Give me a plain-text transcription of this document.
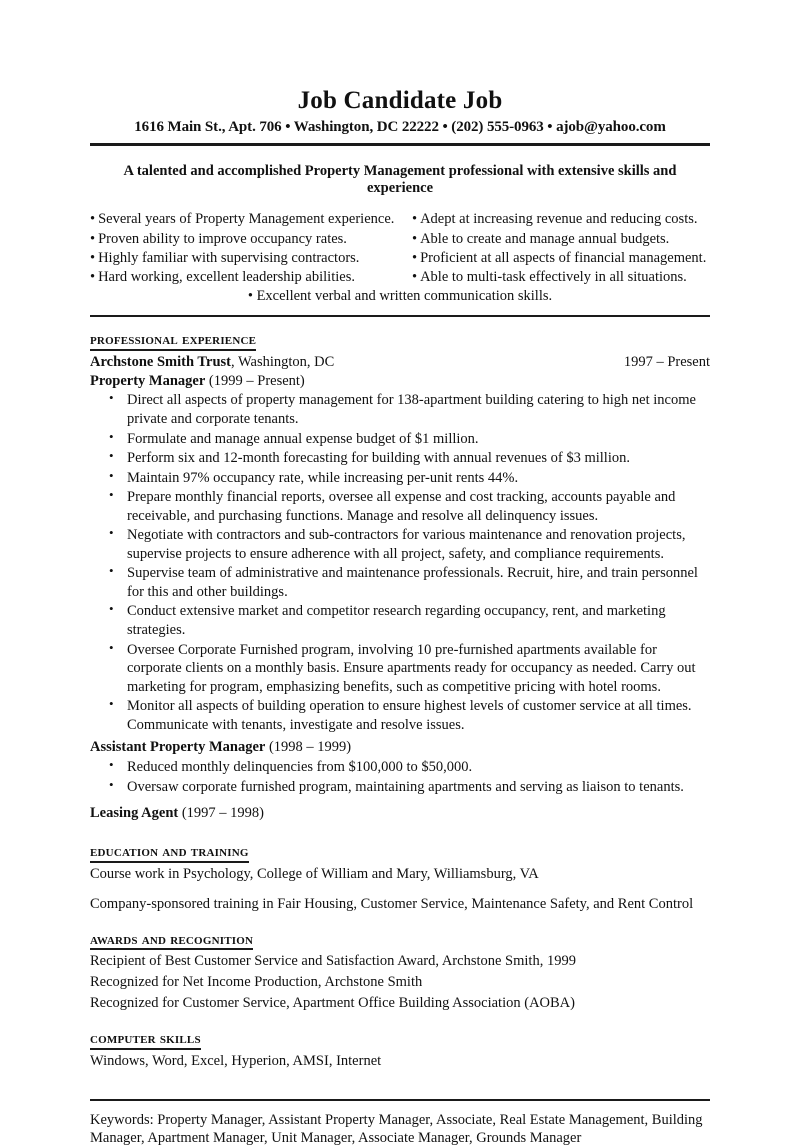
Job Candidate Job
1616 Main St., Apt. 706 • Washington, DC 22222 • (202) 555-0963 • ajob@yahoo.com
A talented and accomplished Property Management professional with extensive skills and experience
• Several years of Property Management experience.
• Proven ability to improve occupancy rates.
• Highly familiar with supervising contractors.
• Hard working, excellent leadership abilities.
• Adept at increasing revenue and reducing costs.
• Able to create and manage annual budgets.
• Proficient at all aspects of financial management.
• Able to multi-task effectively in all situations.
• Excellent verbal and written communication skills.
professional experience
Archstone Smith Trust, Washington, DC	1997 – Present
Property Manager (1999 – Present)
• Direct all aspects of property management for 138-apartment building catering to high net income private and corporate tenants.
• Formulate and manage annual expense budget of $1 million.
• Perform six and 12-month forecasting for building with annual revenues of $3 million.
• Maintain 97% occupancy rate, while increasing per-unit rents 44%.
• Prepare monthly financial reports, oversee all expense and cost tracking, accounts payable and receivable, and purchasing functions. Manage and resolve all delinquency issues.
• Negotiate with contractors and sub-contractors for various maintenance and renovation projects, supervise projects to ensure adherence with all project, safety, and compliance requirements.
• Supervise team of administrative and maintenance professionals. Recruit, hire, and train personnel for this and other buildings.
• Conduct extensive market and competitor research regarding occupancy, rent, and marketing strategies.
• Oversee Corporate Furnished program, involving 10 pre-furnished apartments available for corporate clients on a monthly basis. Ensure apartments ready for occupancy as needed. Carry out marketing for program, emphasizing benefits, such as competitive pricing with hotel rooms.
• Monitor all aspects of building operation to ensure highest levels of customer service at all times. Communicate with tenants, investigate and resolve issues.
Assistant Property Manager (1998 – 1999)
• Reduced monthly delinquencies from $100,000 to $50,000.
• Oversaw corporate furnished program, maintaining apartments and serving as liaison to tenants.
Leasing Agent (1997 – 1998)
education and training
Course work in Psychology, College of William and Mary, Williamsburg, VA
Company-sponsored training in Fair Housing, Customer Service, Maintenance Safety, and Rent Control
awards and recognition
Recipient of Best Customer Service and Satisfaction Award, Archstone Smith, 1999
Recognized for Net Income Production, Archstone Smith
Recognized for Customer Service, Apartment Office Building Association (AOBA)
computer skills
Windows, Word, Excel, Hyperion, AMSI, Internet
Keywords: Property Manager, Assistant Property Manager, Associate, Real Estate Management, Building Manager, Apartment Manager, Unit Manager, Associate Manager, Grounds Manager
